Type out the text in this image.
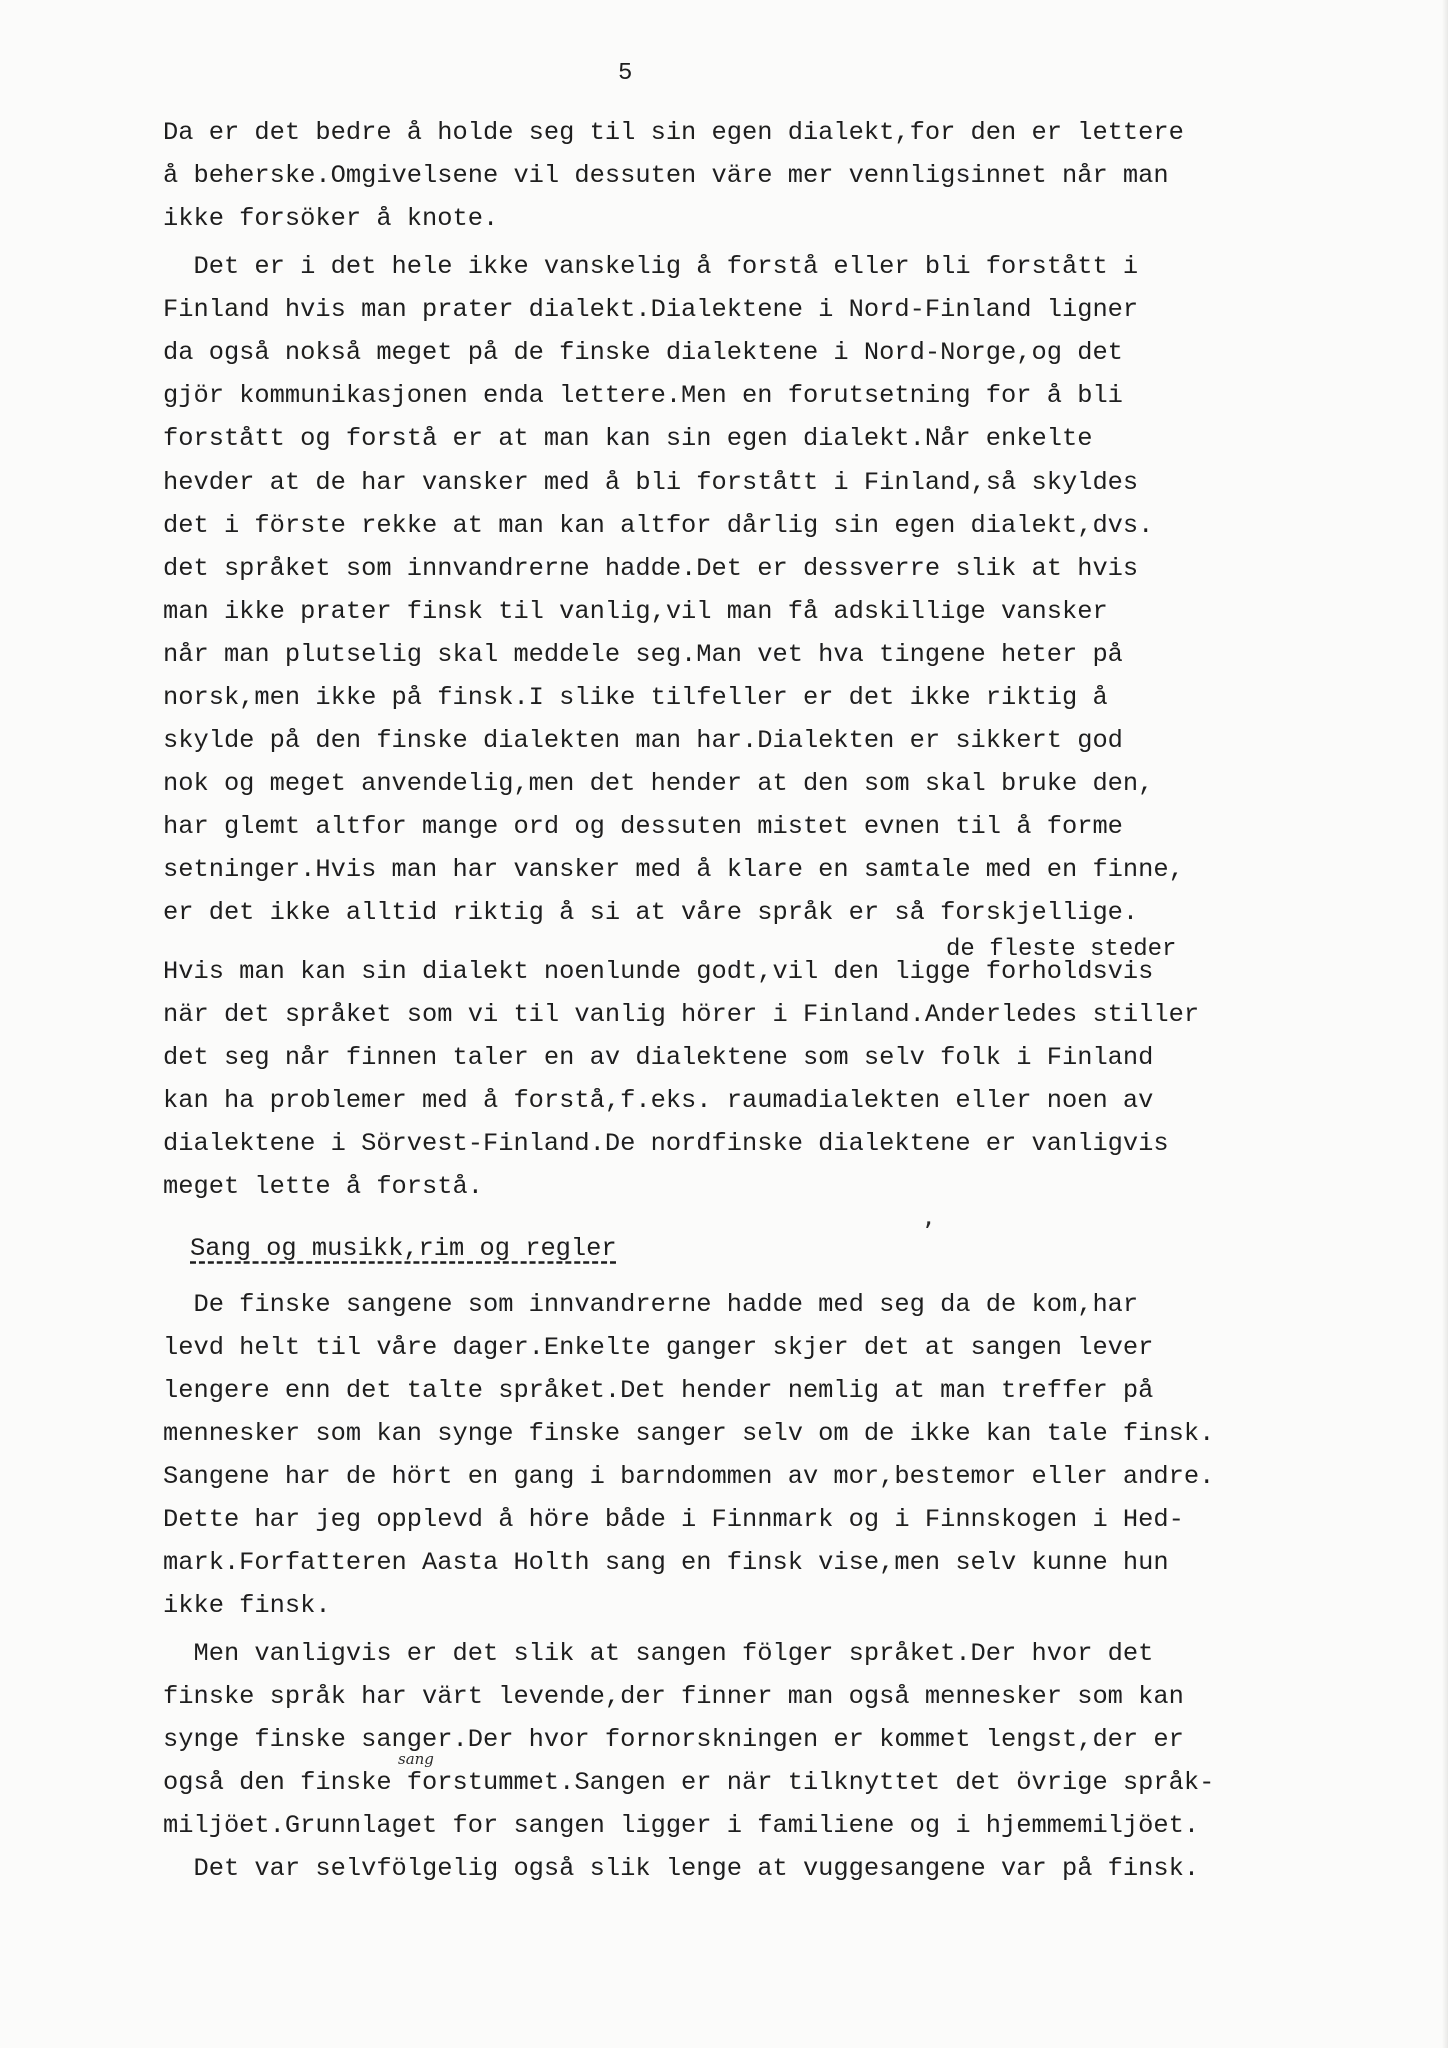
5
Da er det bedre å holde seg til sin egen dialekt,for den er lettere
å beherske.Omgivelsene vil dessuten väre mer vennligsinnet når man
ikke forsöker å knote.
Det er i det hele ikke vanskelig å forstå eller bli forstått i
Finland hvis man prater dialekt.Dialektene i Nord-Finland ligner
da også nokså meget på de finske dialektene i Nord-Norge,og det
gjör kommunikasjonen enda lettere.Men en forutsetning for å bli
forstått og forstå er at man kan sin egen dialekt.Når enkelte
hevder at de har vansker med å bli forstått i Finland,så skyldes
det i förste rekke at man kan altfor dårlig sin egen dialekt,dvs.
det språket som innvandrerne hadde.Det er dessverre slik at hvis
man ikke prater finsk til vanlig,vil man få adskillige vansker
når man plutselig skal meddele seg.Man vet hva tingene heter på
norsk,men ikke på finsk.I slike tilfeller er det ikke riktig å
skylde på den finske dialekten man har.Dialekten er sikkert god
nok og meget anvendelig,men det hender at den som skal bruke den,
har glemt altfor mange ord og dessuten mistet evnen til å forme
setninger.Hvis man har vansker med å klare en samtale med en finne,
er det ikke alltid riktig å si at våre språk er så forskjellige.
de fleste steder
Hvis man kan sin dialekt noenlunde godt,vil den ligge forholdsvis
när det språket som vi til vanlig hörer i Finland.Anderledes stiller
det seg når finnen taler en av dialektene som selv folk i Finland
kan ha problemer med å forstå,f.eks. raumadialekten eller noen av
dialektene i Sörvest-Finland.De nordfinske dialektene er vanligvis
meget lette å forstå.
,
Sang og musikk,rim og regler
De finske sangene som innvandrerne hadde med seg da de kom,har
levd helt til våre dager.Enkelte ganger skjer det at sangen lever
lengere enn det talte språket.Det hender nemlig at man treffer på
mennesker som kan synge finske sanger selv om de ikke kan tale finsk.
Sangene har de hört en gang i barndommen av mor,bestemor eller andre.
Dette har jeg opplevd å höre både i Finnmark og i Finnskogen i Hed-
mark.Forfatteren Aasta Holth sang en finsk vise,men selv kunne hun
ikke finsk.
Men vanligvis er det slik at sangen fölger språket.Der hvor det
finske språk har värt levende,der finner man også mennesker som kan
synge finske sanger.Der hvor fornorskningen er kommet lengst,der er
sang
også den finske forstummet.Sangen er när tilknyttet det övrige språk-
miljöet.Grunnlaget for sangen ligger i familiene og i hjemmemiljöet.
Det var selvfölgelig også slik lenge at vuggesangene var på finsk.
